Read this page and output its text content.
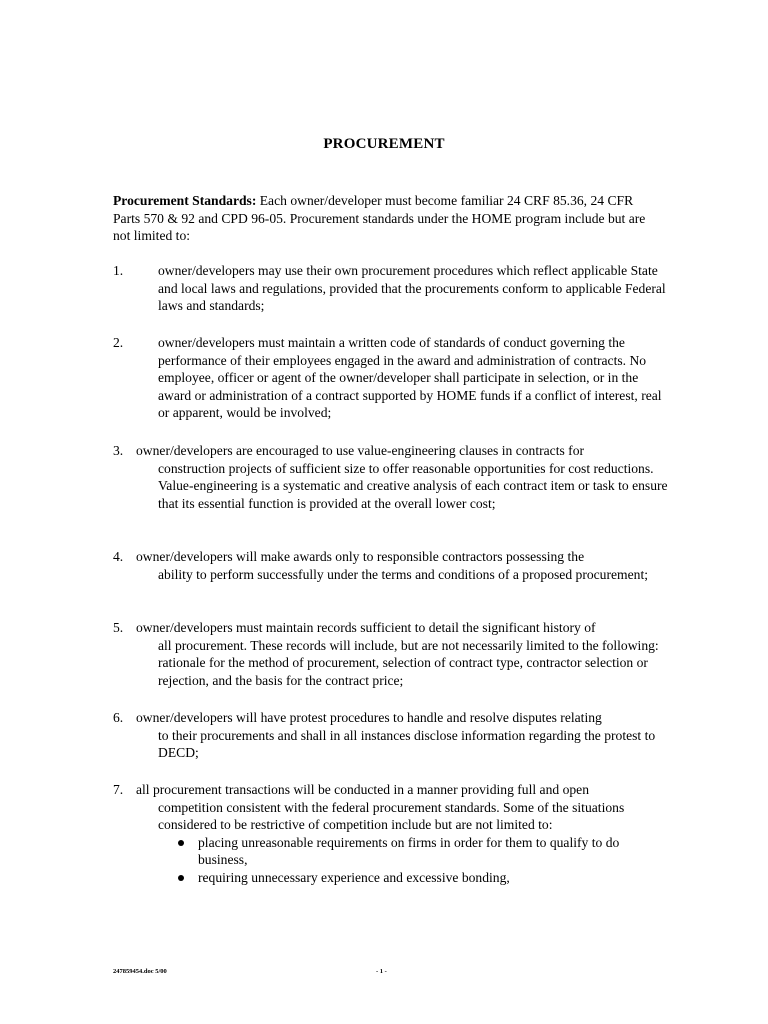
PROCUREMENT
Procurement Standards: Each owner/developer must become familiar 24 CRF 85.36, 24 CFR Parts 570 & 92 and CPD 96-05. Procurement standards under the HOME program include but are not limited to:
1.	owner/developers may use their own procurement procedures which reflect applicable State and local laws and regulations, provided that the procurements conform to applicable Federal laws and standards;
2.	owner/developers must maintain a written code of standards of conduct governing the performance of their employees engaged in the award and administration of contracts. No employee, officer or agent of the owner/developer shall participate in selection, or in the award or administration of a contract supported by HOME funds if a conflict of interest, real or apparent, would be involved;
3. owner/developers are encouraged to use value-engineering clauses in contracts for
construction projects of sufficient size to offer reasonable opportunities for cost reductions. Value-engineering is a systematic and creative analysis of each contract item or task to ensure that its essential function is provided at the overall lower cost;
4. owner/developers will make awards only to responsible contractors possessing the
ability to perform successfully under the terms and conditions of a proposed procurement;
5. owner/developers must maintain records sufficient to detail the significant history of
all procurement. These records will include, but are not necessarily limited to the following: rationale for the method of procurement, selection of contract type, contractor selection or rejection, and the basis for the contract price;
6. owner/developers will have protest procedures to handle and resolve disputes relating
to their procurements and shall in all instances disclose information regarding the protest to DECD;
7. all procurement transactions will be conducted in a manner providing full and open
competition consistent with the federal procurement standards. Some of the situations considered to be restrictive of competition include but are not limited to:
placing unreasonable requirements on firms in order for them to qualify to do business,
requiring unnecessary experience and excessive bonding,
247859454.doc 5/00	- 1 -
